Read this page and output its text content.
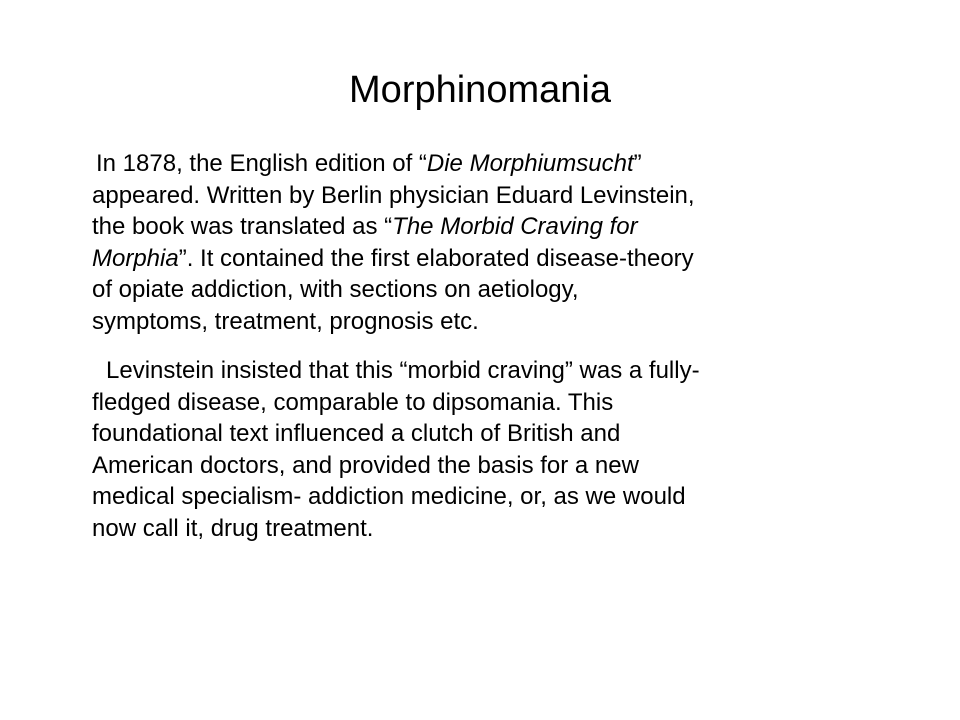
Morphinomania

In 1878, the English edition of “Die Morphiumsucht”
appeared. Written by Berlin physician Eduard Levinstein,
the book was translated as “The Morbid Craving for
Morphia”. It contained the first elaborated disease-theory
of opiate addiction, with sections on aetiology,
symptoms, treatment, prognosis etc.

Levinstein insisted that this “morbid craving” was a fully-
fledged disease, comparable to dipsomania. This
foundational text influenced a clutch of British and
American doctors, and provided the basis for a new
medical specialism- addiction medicine, or, as we would
now call it, drug treatment.
